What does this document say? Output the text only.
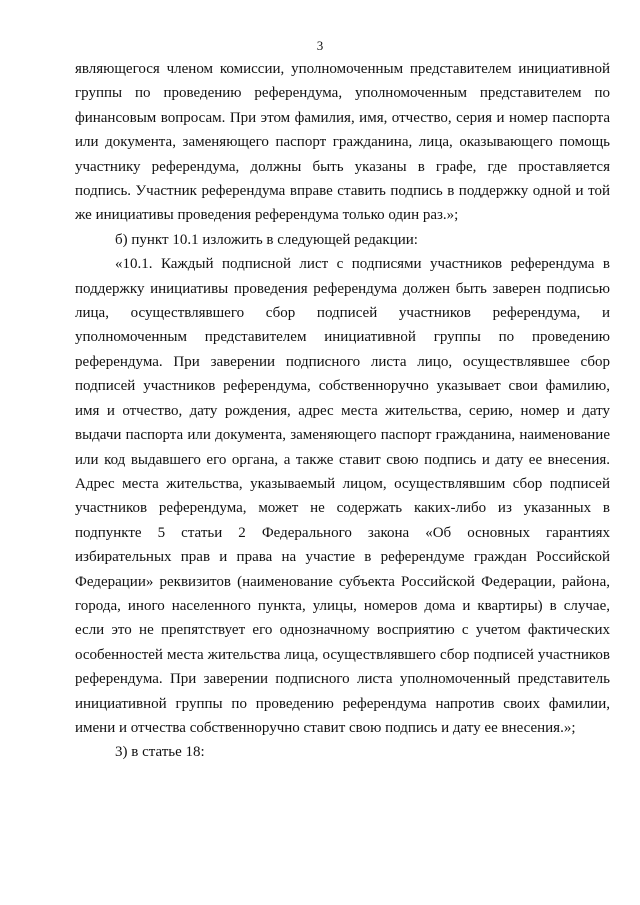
3

являющегося членом комиссии, уполномоченным представителем инициативной группы по проведению референдума, уполномоченным представителем по финансовым вопросам. При этом фамилия, имя, отчество, серия и номер паспорта или документа, заменяющего паспорт гражданина, лица, оказывающего помощь участнику референдума, должны быть указаны в графе, где проставляется подпись. Участник референдума вправе ставить подпись в поддержку одной и той же инициативы проведения референдума только один раз.»;

б) пункт 10.1 изложить в следующей редакции:

«10.1. Каждый подписной лист с подписями участников референдума в поддержку инициативы проведения референдума должен быть заверен подписью лица, осуществлявшего сбор подписей участников референдума, и уполномоченным представителем инициативной группы по проведению референдума. При заверении подписного листа лицо, осуществлявшее сбор подписей участников референдума, собственноручно указывает свои фамилию, имя и отчество, дату рождения, адрес места жительства, серию, номер и дату выдачи паспорта или документа, заменяющего паспорт гражданина, наименование или код выдавшего его органа, а также ставит свою подпись и дату ее внесения. Адрес места жительства, указываемый лицом, осуществлявшим сбор подписей участников референдума, может не содержать каких-либо из указанных в подпункте 5 статьи 2 Федерального закона «Об основных гарантиях избирательных прав и права на участие в референдуме граждан Российской Федерации» реквизитов (наименование субъекта Российской Федерации, района, города, иного населенного пункта, улицы, номеров дома и квартиры) в случае, если это не препятствует его однозначному восприятию с учетом фактических особенностей места жительства лица, осуществлявшего сбор подписей участников референдума. При заверении подписного листа уполномоченный представитель инициативной группы по проведению референдума напротив своих фамилии, имени и отчества собственноручно ставит свою подпись и дату ее внесения.»;

3) в статье 18:
